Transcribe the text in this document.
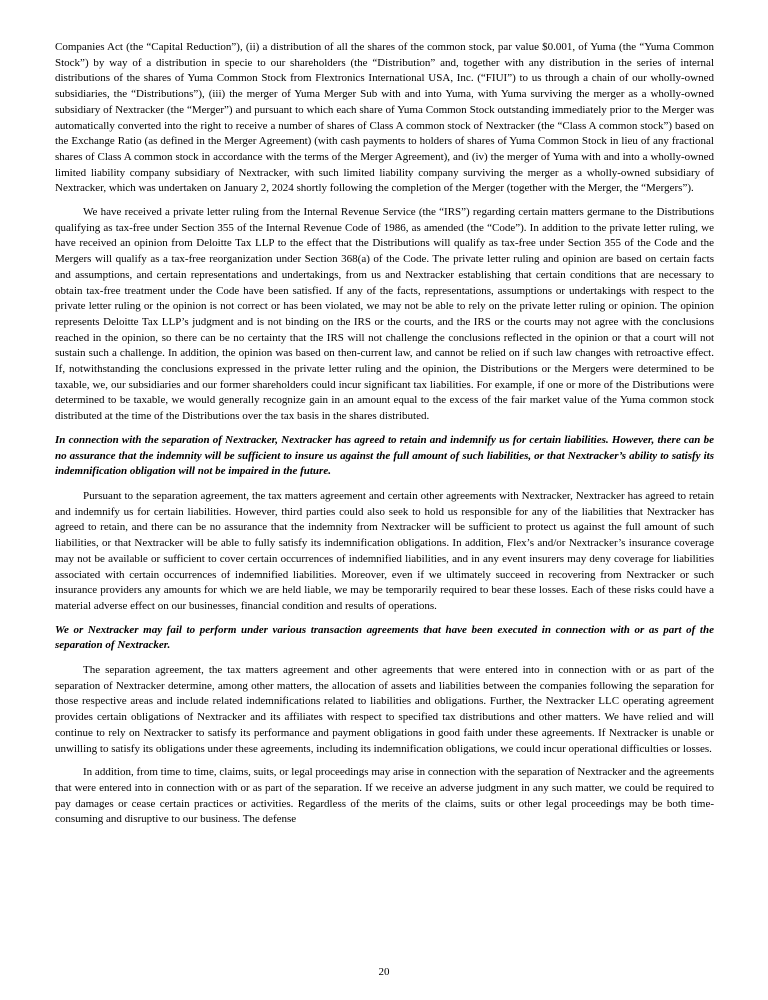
Companies Act (the “Capital Reduction”), (ii) a distribution of all the shares of the common stock, par value $0.001, of Yuma (the “Yuma Common Stock”) by way of a distribution in specie to our shareholders (the “Distribution” and, together with any distribution in the series of internal distributions of the shares of Yuma Common Stock from Flextronics International USA, Inc. (“FIUI”) to us through a chain of our wholly-owned subsidiaries, the “Distributions”), (iii) the merger of Yuma Merger Sub with and into Yuma, with Yuma surviving the merger as a wholly-owned subsidiary of Nextracker (the “Merger”) and pursuant to which each share of Yuma Common Stock outstanding immediately prior to the Merger was automatically converted into the right to receive a number of shares of Class A common stock of Nextracker (the “Class A common stock”) based on the Exchange Ratio (as defined in the Merger Agreement) (with cash payments to holders of shares of Yuma Common Stock in lieu of any fractional shares of Class A common stock in accordance with the terms of the Merger Agreement), and (iv) the merger of Yuma with and into a wholly-owned limited liability company subsidiary of Nextracker, with such limited liability company surviving the merger as a wholly-owned subsidiary of Nextracker, which was undertaken on January 2, 2024 shortly following the completion of the Merger (together with the Merger, the “Mergers”).

We have received a private letter ruling from the Internal Revenue Service (the “IRS”) regarding certain matters germane to the Distributions qualifying as tax-free under Section 355 of the Internal Revenue Code of 1986, as amended (the “Code”). In addition to the private letter ruling, we have received an opinion from Deloitte Tax LLP to the effect that the Distributions will qualify as tax-free under Section 355 of the Code and the Mergers will qualify as a tax-free reorganization under Section 368(a) of the Code. The private letter ruling and opinion are based on certain facts and assumptions, and certain representations and undertakings, from us and Nextracker establishing that certain conditions that are necessary to obtain tax-free treatment under the Code have been satisfied. If any of the facts, representations, assumptions or undertakings with respect to the private letter ruling or the opinion is not correct or has been violated, we may not be able to rely on the private letter ruling or opinion. The opinion represents Deloitte Tax LLP’s judgment and is not binding on the IRS or the courts, and the IRS or the courts may not agree with the conclusions reached in the opinion, so there can be no certainty that the IRS will not challenge the conclusions reflected in the opinion or that a court will not sustain such a challenge. In addition, the opinion was based on then-current law, and cannot be relied on if such law changes with retroactive effect. If, notwithstanding the conclusions expressed in the private letter ruling and the opinion, the Distributions or the Mergers were determined to be taxable, we, our subsidiaries and our former shareholders could incur significant tax liabilities. For example, if one or more of the Distributions were determined to be taxable, we would generally recognize gain in an amount equal to the excess of the fair market value of the Yuma common stock distributed at the time of the Distributions over the tax basis in the shares distributed.

In connection with the separation of Nextracker, Nextracker has agreed to retain and indemnify us for certain liabilities. However, there can be no assurance that the indemnity will be sufficient to insure us against the full amount of such liabilities, or that Nextracker’s ability to satisfy its indemnification obligation will not be impaired in the future.

Pursuant to the separation agreement, the tax matters agreement and certain other agreements with Nextracker, Nextracker has agreed to retain and indemnify us for certain liabilities. However, third parties could also seek to hold us responsible for any of the liabilities that Nextracker has agreed to retain, and there can be no assurance that the indemnity from Nextracker will be sufficient to protect us against the full amount of such liabilities, or that Nextracker will be able to fully satisfy its indemnification obligations. In addition, Flex’s and/or Nextracker’s insurance coverage may not be available or sufficient to cover certain occurrences of indemnified liabilities, and in any event insurers may deny coverage for liabilities associated with certain occurrences of indemnified liabilities. Moreover, even if we ultimately succeed in recovering from Nextracker or such insurance providers any amounts for which we are held liable, we may be temporarily required to bear these losses. Each of these risks could have a material adverse effect on our businesses, financial condition and results of operations.

We or Nextracker may fail to perform under various transaction agreements that have been executed in connection with or as part of the separation of Nextracker.

The separation agreement, the tax matters agreement and other agreements that were entered into in connection with or as part of the separation of Nextracker determine, among other matters, the allocation of assets and liabilities between the companies following the separation for those respective areas and include related indemnifications related to liabilities and obligations. Further, the Nextracker LLC operating agreement provides certain obligations of Nextracker and its affiliates with respect to specified tax distributions and other matters. We have relied and will continue to rely on Nextracker to satisfy its performance and payment obligations in good faith under these agreements. If Nextracker is unable or unwilling to satisfy its obligations under these agreements, including its indemnification obligations, we could incur operational difficulties or losses.

In addition, from time to time, claims, suits, or legal proceedings may arise in connection with the separation of Nextracker and the agreements that were entered into in connection with or as part of the separation. If we receive an adverse judgment in any such matter, we could be required to pay damages or cease certain practices or activities. Regardless of the merits of the claims, suits or other legal proceedings may be both time-consuming and disruptive to our business. The defense

20
